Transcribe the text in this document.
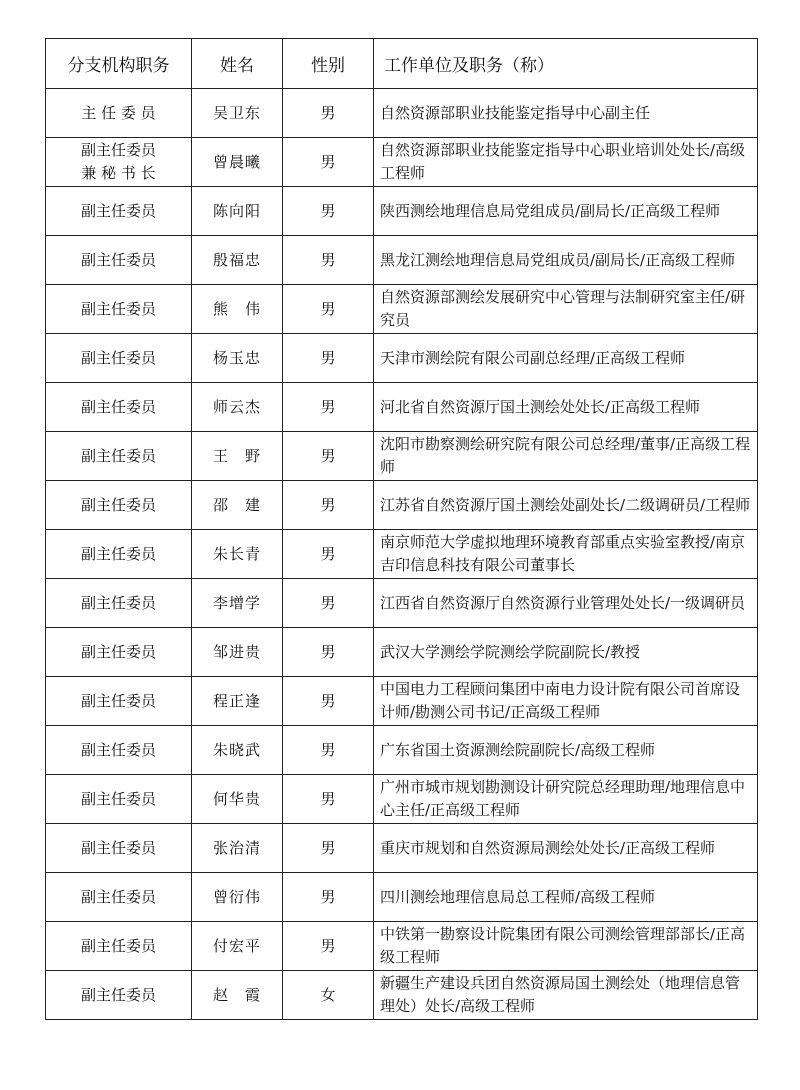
分支机构职务	姓名	性别	工作单位及职务（称）

主 任 委 员	吴卫东	男	自然资源部职业技能鉴定指导中心副主任

副主任委员
兼 秘 书 长	曾晨曦	男	自然资源部职业技能鉴定指导中心职业培训处处长/高级工程师

副主任委员	陈向阳	男	陕西测绘地理信息局党组成员/副局长/正高级工程师

副主任委员	殷福忠	男	黑龙江测绘地理信息局党组成员/副局长/正高级工程师

副主任委员	熊　伟	男	自然资源部测绘发展研究中心管理与法制研究室主任/研究员

副主任委员	杨玉忠	男	天津市测绘院有限公司副总经理/正高级工程师

副主任委员	师云杰	男	河北省自然资源厅国土测绘处处长/正高级工程师

副主任委员	王　野	男	沈阳市勘察测绘研究院有限公司总经理/董事/正高级工程师

副主任委员	邵　建	男	江苏省自然资源厅国土测绘处副处长/二级调研员/工程师

副主任委员	朱长青	男	南京师范大学虚拟地理环境教育部重点实验室教授/南京吉印信息科技有限公司董事长

副主任委员	李增学	男	江西省自然资源厅自然资源行业管理处处长/一级调研员

副主任委员	邹进贵	男	武汉大学测绘学院测绘学院副院长/教授

副主任委员	程正逢	男	中国电力工程顾问集团中南电力设计院有限公司首席设计师/勘测公司书记/正高级工程师

副主任委员	朱晓武	男	广东省国土资源测绘院副院长/高级工程师

副主任委员	何华贵	男	广州市城市规划勘测设计研究院总经理助理/地理信息中心主任/正高级工程师

副主任委员	张治清	男	重庆市规划和自然资源局测绘处处长/正高级工程师

副主任委员	曾衍伟	男	四川测绘地理信息局总工程师/高级工程师

副主任委员	付宏平	男	中铁第一勘察设计院集团有限公司测绘管理部部长/正高级工程师

副主任委员	赵　霞	女	新疆生产建设兵团自然资源局国土测绘处（地理信息管理处）处长/高级工程师
